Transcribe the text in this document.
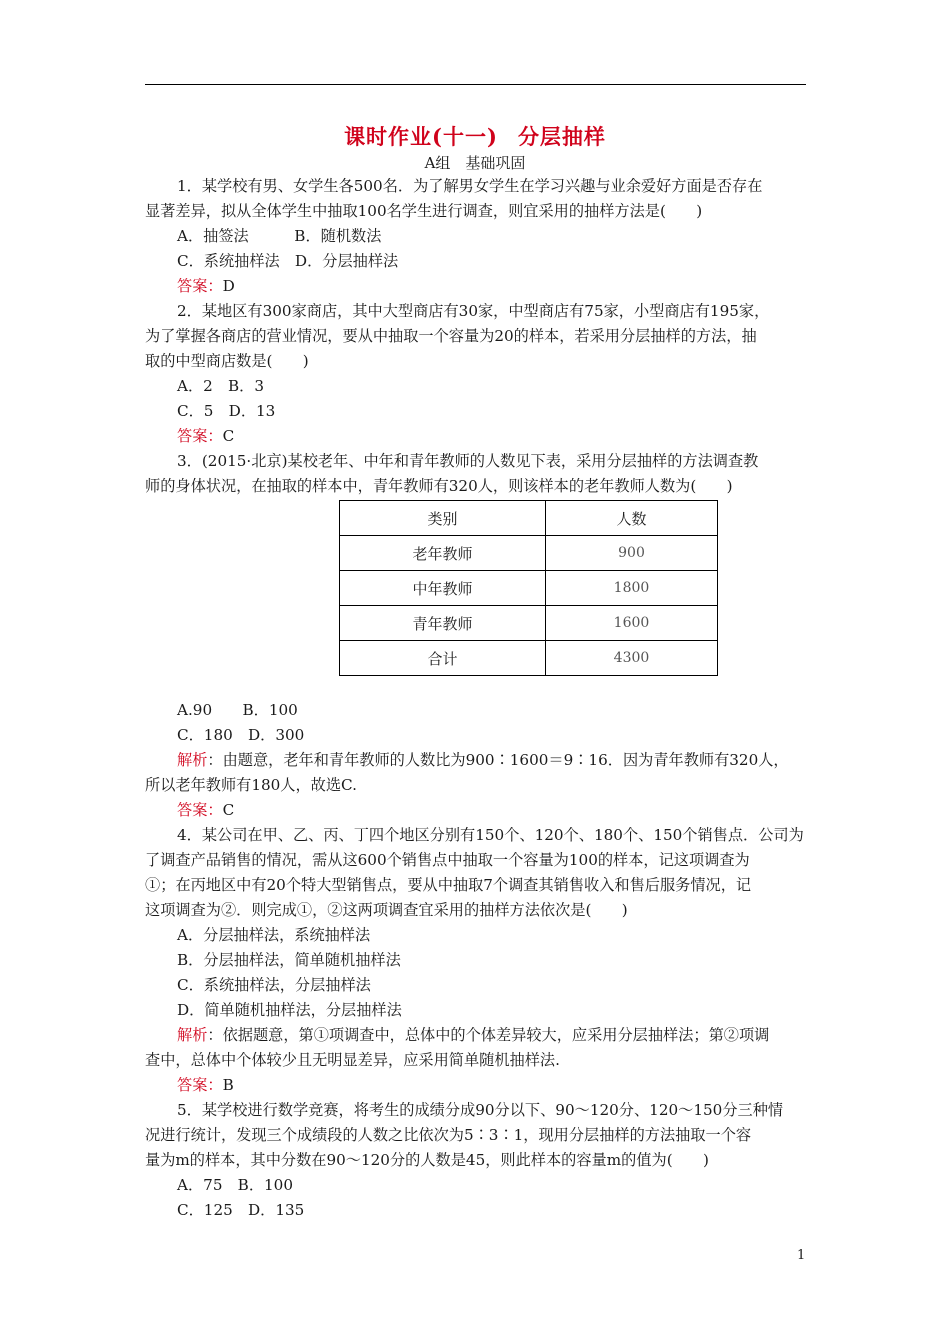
课时作业(十一) 分层抽样
A组　基础巩固
1．某学校有男、女学生各500名．为了解男女学生在学习兴趣与业余爱好方面是否存在
显著差异，拟从全体学生中抽取100名学生进行调查，则宜采用的抽样方法是(　　)
A．抽签法　　　B．随机数法
C．系统抽样法　D．分层抽样法
答案：D
2．某地区有300家商店，其中大型商店有30家，中型商店有75家，小型商店有195家，
为了掌握各商店的营业情况，要从中抽取一个容量为20的样本，若采用分层抽样的方法，抽
取的中型商店数是(　　)
A．2　B．3
C．5　D．13
答案：C
3．(2015·北京)某校老年、中年和青年教师的人数见下表，采用分层抽样的方法调查教
师的身体状况，在抽取的样本中，青年教师有320人，则该样本的老年教师人数为(　　)
类别	人数
老年教师	900
中年教师	1800
青年教师	1600
合计	4300
A.90　　B．100
C．180　D．300
解析：由题意，老年和青年教师的人数比为900∶1600＝9∶16．因为青年教师有320人，
所以老年教师有180人，故选C.
答案：C
4．某公司在甲、乙、丙、丁四个地区分别有150个、120个、180个、150个销售点．公司为
了调查产品销售的情况，需从这600个销售点中抽取一个容量为100的样本，记这项调查为
①；在丙地区中有20个特大型销售点，要从中抽取7个调查其销售收入和售后服务情况，记
这项调查为②．则完成①，②这两项调查宜采用的抽样方法依次是(　　)
A．分层抽样法，系统抽样法
B．分层抽样法，简单随机抽样法
C．系统抽样法，分层抽样法
D．简单随机抽样法，分层抽样法
解析：依据题意，第①项调查中，总体中的个体差异较大，应采用分层抽样法；第②项调
查中，总体中个体较少且无明显差异，应采用简单随机抽样法.
答案：B
5．某学校进行数学竞赛，将考生的成绩分成90分以下、90～120分、120～150分三种情
况进行统计，发现三个成绩段的人数之比依次为5∶3∶1，现用分层抽样的方法抽取一个容
量为m的样本，其中分数在90～120分的人数是45，则此样本的容量m的值为(　　)
A．75　B．100
C．125　D．135
1
